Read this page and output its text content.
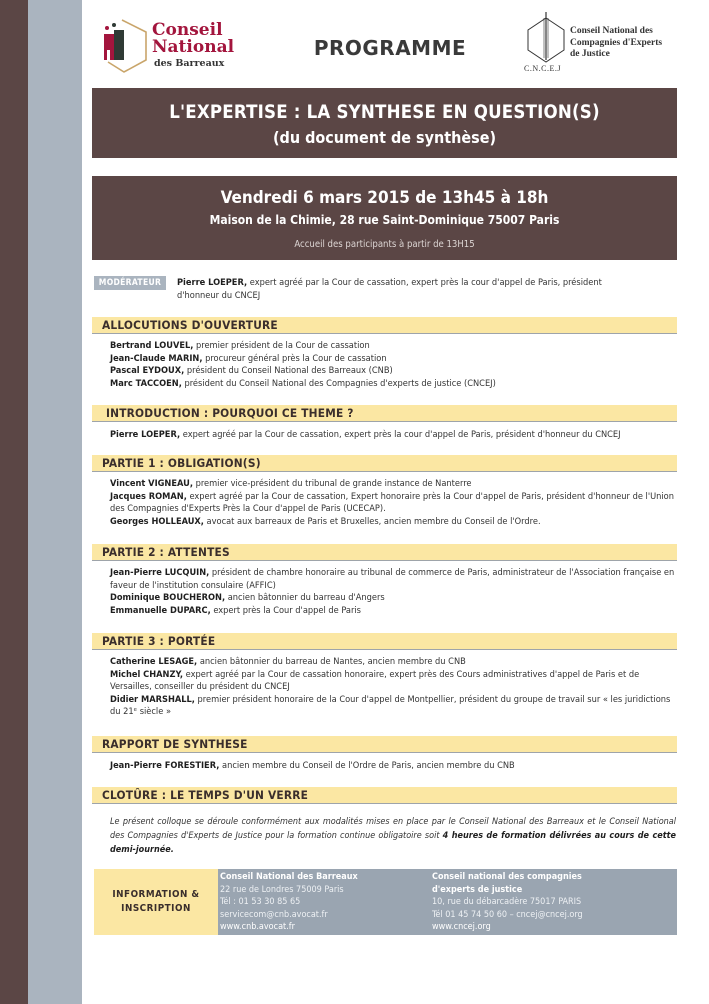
Conseil
National
des Barreaux
PROGRAMME
C.N.C.E.J
Conseil National des
Compagnies d'Experts
de Justice
L'EXPERTISE : LA SYNTHESE EN QUESTION(S)
(du document de synthèse)
Vendredi 6 mars 2015 de 13h45 à 18h
Maison de la Chimie, 28 rue Saint-Dominique 75007 Paris
Accueil des participants à partir de 13H15
MODÉRATEUR	Pierre LOEPER, expert agréé par la Cour de cassation, expert près la cour d'appel de Paris, président
d'honneur du CNCEJ
ALLOCUTIONS D'OUVERTURE
Bertrand LOUVEL, premier président de la Cour de cassation
Jean-Claude MARIN, procureur général près la Cour de cassation
Pascal EYDOUX, président du Conseil National des Barreaux (CNB)
Marc TACCOEN, président du Conseil National des Compagnies d'experts de justice (CNCEJ)
INTRODUCTION : POURQUOI CE THEME ?
Pierre LOEPER, expert agréé par la Cour de cassation, expert près la cour d'appel de Paris, président d'honneur du CNCEJ
PARTIE 1 : OBLIGATION(S)
Vincent VIGNEAU, premier vice-président du tribunal de grande instance de Nanterre
Jacques ROMAN, expert agréé par la Cour de cassation, Expert honoraire près la Cour d'appel de Paris, président d'honneur de l'Union des Compagnies d'Experts Près la Cour d'appel de Paris (UCECAP).
Georges HOLLEAUX, avocat aux barreaux de Paris et Bruxelles, ancien membre du Conseil de l'Ordre.
PARTIE 2 : ATTENTES
Jean-Pierre LUCQUIN, président de chambre honoraire au tribunal de commerce de Paris, administrateur de l'Association française en faveur de l'institution consulaire (AFFIC)
Dominique BOUCHERON, ancien bâtonnier du barreau d'Angers
Emmanuelle DUPARC, expert près la Cour d'appel de Paris
PARTIE 3 : PORTÉE
Catherine LESAGE, ancien bâtonnier du barreau de Nantes, ancien membre du CNB
Michel CHANZY, expert agréé par la Cour de cassation honoraire, expert près des Cours administratives d'appel de Paris et de Versailles, conseiller du président du CNCEJ
Didier MARSHALL, premier président honoraire de la Cour d'appel de Montpellier, président du groupe de travail sur « les juridictions du 21ᵉ siècle »
RAPPORT DE SYNTHESE
Jean-Pierre FORESTIER, ancien membre du Conseil de l'Ordre de Paris, ancien membre du CNB
CLOTÛRE : LE TEMPS D'UN VERRE
Le présent colloque se déroule conformément aux modalités mises en place par le Conseil National des Barreaux et le Conseil National des Compagnies d'Experts de Justice pour la formation continue obligatoire soit 4 heures de formation délivrées au cours de cette demi-journée.
INFORMATION &
INSCRIPTION
Conseil National des Barreaux
22 rue de Londres 75009 Paris
Tél : 01 53 30 85 65
servicecom@cnb.avocat.fr
www.cnb.avocat.fr
Conseil national des compagnies
d'experts de justice
10, rue du débarcadère 75017 PARIS
Tél 01 45 74 50 60 – cncej@cncej.org
www.cncej.org
